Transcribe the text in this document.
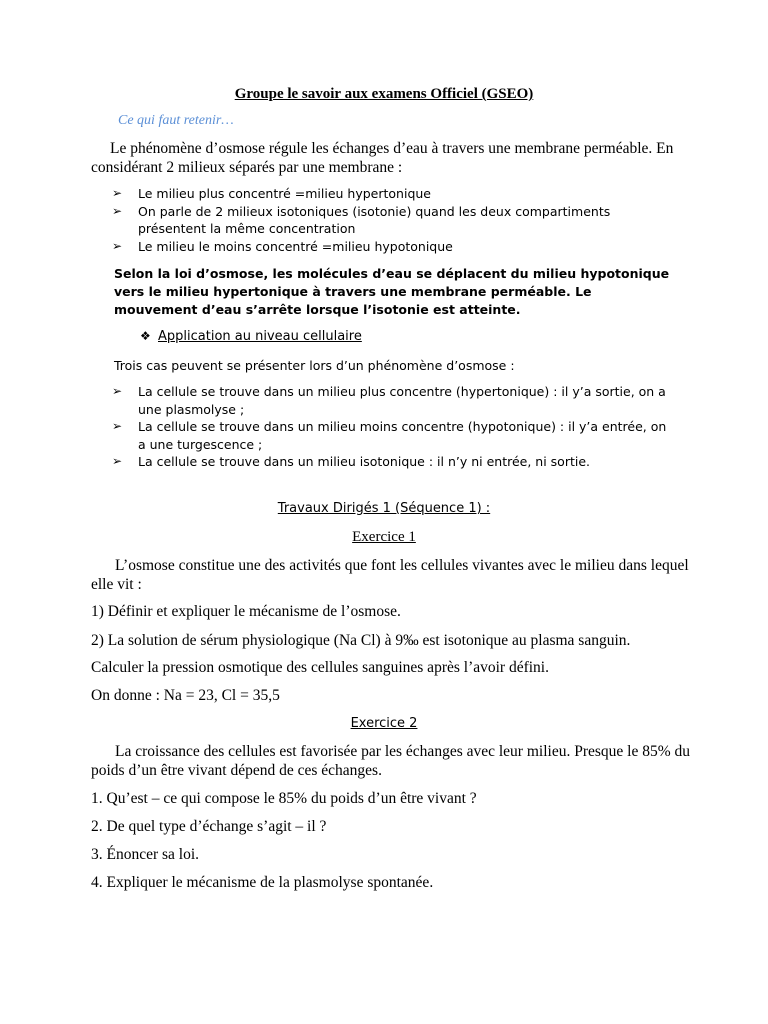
Groupe le savoir aux examens Officiel (GSEO)
Ce qui faut retenir…
Le phénomène d’osmose régule les échanges d’eau à travers une membrane perméable. En considérant 2 milieux séparés par une membrane :
➢	Le milieu plus concentré =milieu hypertonique
➢	On parle de 2 milieux isotoniques (isotonie) quand les deux compartiments présentent la même concentration
➢	Le milieu le moins concentré =milieu hypotonique
Selon la loi d’osmose, les molécules d’eau se déplacent du milieu hypotonique vers le milieu hypertonique à travers une membrane perméable. Le mouvement d’eau s’arrête lorsque l’isotonie est atteinte.
❖ Application au niveau cellulaire
Trois cas peuvent se présenter lors d’un phénomène d’osmose :
➢	La cellule se trouve dans un milieu plus concentre (hypertonique) : il y’a sortie, on a une plasmolyse ;
➢	La cellule se trouve dans un milieu moins concentre (hypotonique) : il y’a entrée, on a une turgescence ;
➢	La cellule se trouve dans un milieu isotonique : il n’y ni entrée, ni sortie.
Travaux Dirigés 1 (Séquence 1) :
Exercice 1
L’osmose constitue une des activités que font les cellules vivantes avec le milieu dans lequel elle vit :
1) Définir et expliquer le mécanisme de l’osmose.
2) La solution de sérum physiologique (Na Cl) à 9‰ est isotonique au plasma sanguin.
Calculer la pression osmotique des cellules sanguines après l’avoir défini.
On donne : Na = 23, Cl = 35,5
Exercice 2
La croissance des cellules est favorisée par les échanges avec leur milieu. Presque le 85% du poids d’un être vivant dépend de ces échanges.
1. Qu’est – ce qui compose le 85% du poids d’un être vivant ?
2. De quel type d’échange s’agit – il ?
3. Énoncer sa loi.
4. Expliquer le mécanisme de la plasmolyse spontanée.
